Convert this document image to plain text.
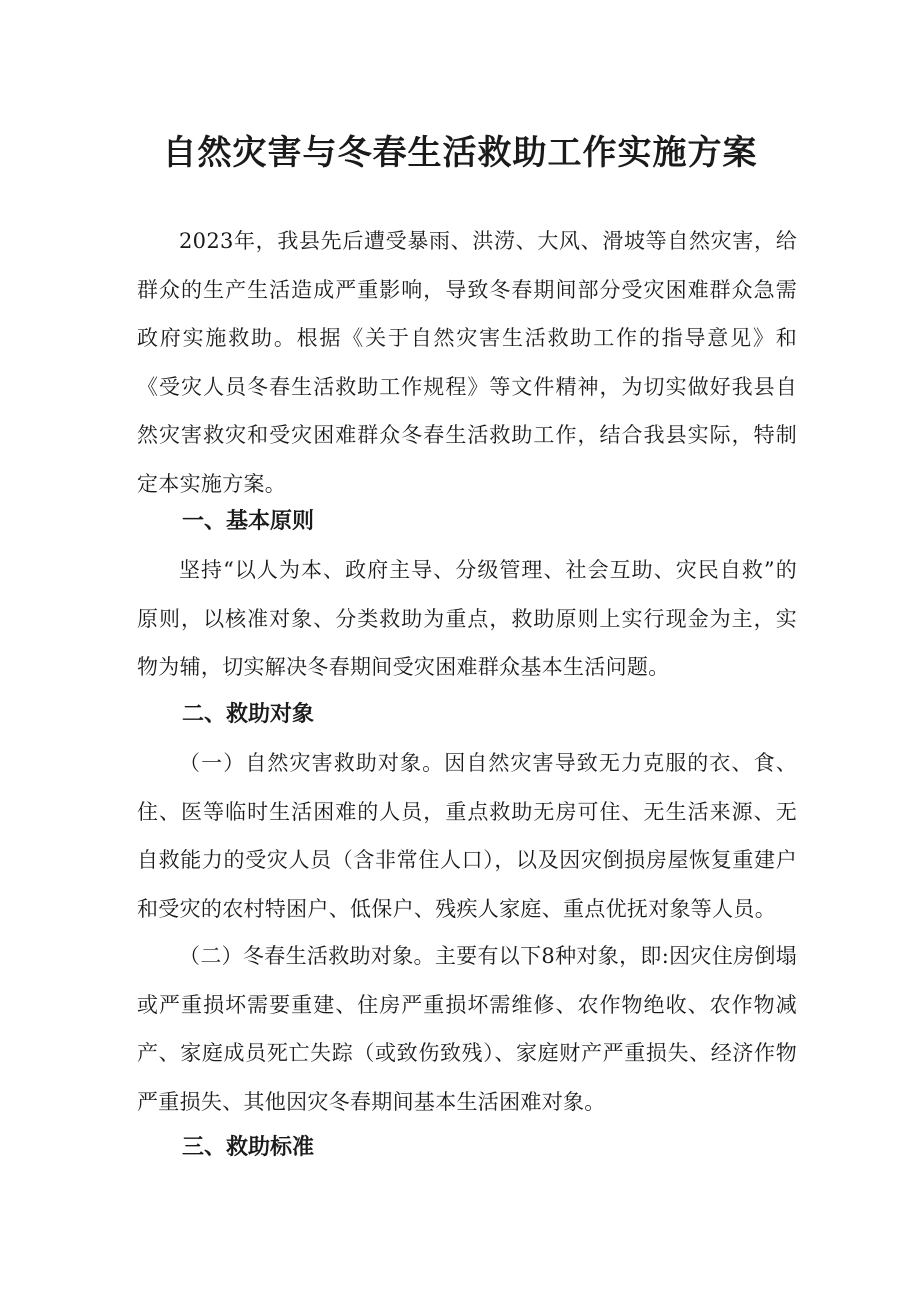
自然灾害与冬春生活救助工作实施方案
2023年，我县先后遭受暴雨、洪涝、大风、滑坡等自然灾害，给群众的生产生活造成严重影响，导致冬春期间部分受灾困难群众急需政府实施救助。根据《关于自然灾害生活救助工作的指导意见》和《受灾人员冬春生活救助工作规程》等文件精神，为切实做好我县自然灾害救灾和受灾困难群众冬春生活救助工作，结合我县实际，特制定本实施方案。
一、基本原则
坚持“以人为本、政府主导、分级管理、社会互助、灾民自救”的原则，以核准对象、分类救助为重点，救助原则上实行现金为主，实物为辅，切实解决冬春期间受灾困难群众基本生活问题。
二、救助对象
（一）自然灾害救助对象。因自然灾害导致无力克服的衣、食、住、医等临时生活困难的人员，重点救助无房可住、无生活来源、无自救能力的受灾人员（含非常住人口），以及因灾倒损房屋恢复重建户和受灾的农村特困户、低保户、残疾人家庭、重点优抚对象等人员。
（二）冬春生活救助对象。主要有以下8种对象，即:因灾住房倒塌或严重损坏需要重建、住房严重损坏需维修、农作物绝收、农作物减产、家庭成员死亡失踪（或致伤致残）、家庭财产严重损失、经济作物严重损失、其他因灾冬春期间基本生活困难对象。
三、救助标准
